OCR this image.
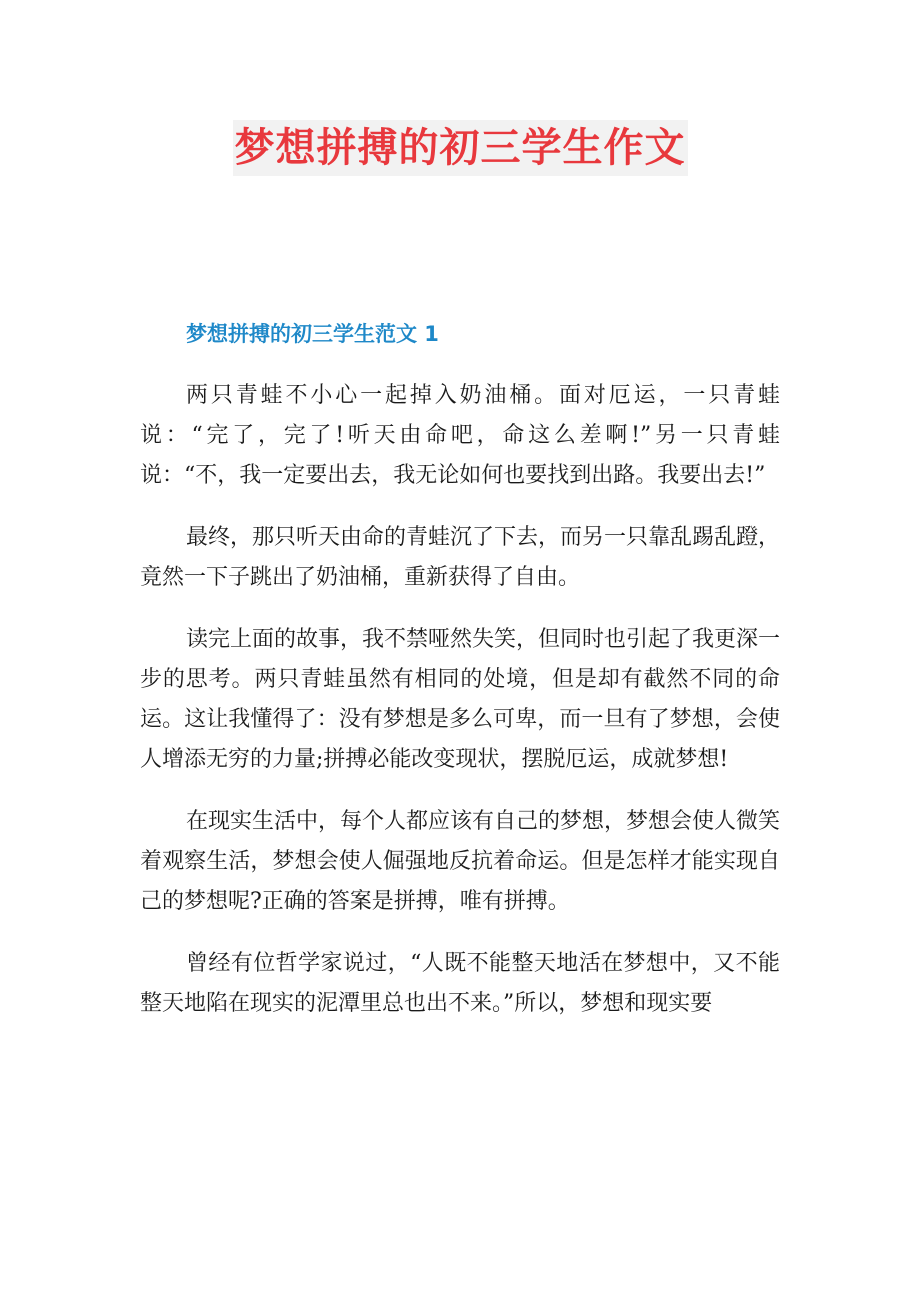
梦想拼搏的初三学生作文
梦想拼搏的初三学生范文 1

两只青蛙不小心一起掉入奶油桶。面对厄运，一只青蛙说：“完了，完了!听天由命吧，命这么差啊!”另一只青蛙说：“不，我一定要出去，我无论如何也要找到出路。我要出去!”

最终，那只听天由命的青蛙沉了下去，而另一只靠乱踢乱蹬，竟然一下子跳出了奶油桶，重新获得了自由。

读完上面的故事，我不禁哑然失笑，但同时也引起了我更深一步的思考。两只青蛙虽然有相同的处境，但是却有截然不同的命运。这让我懂得了：没有梦想是多么可卑，而一旦有了梦想，会使人增添无穷的力量;拼搏必能改变现状，摆脱厄运，成就梦想!

在现实生活中，每个人都应该有自己的梦想，梦想会使人微笑着观察生活，梦想会使人倔强地反抗着命运。但是怎样才能实现自己的梦想呢?正确的答案是拼搏，唯有拼搏。

曾经有位哲学家说过，“人既不能整天地活在梦想中，又不能整天地陷在现实的泥潭里总也出不来。”所以，梦想和现实要
